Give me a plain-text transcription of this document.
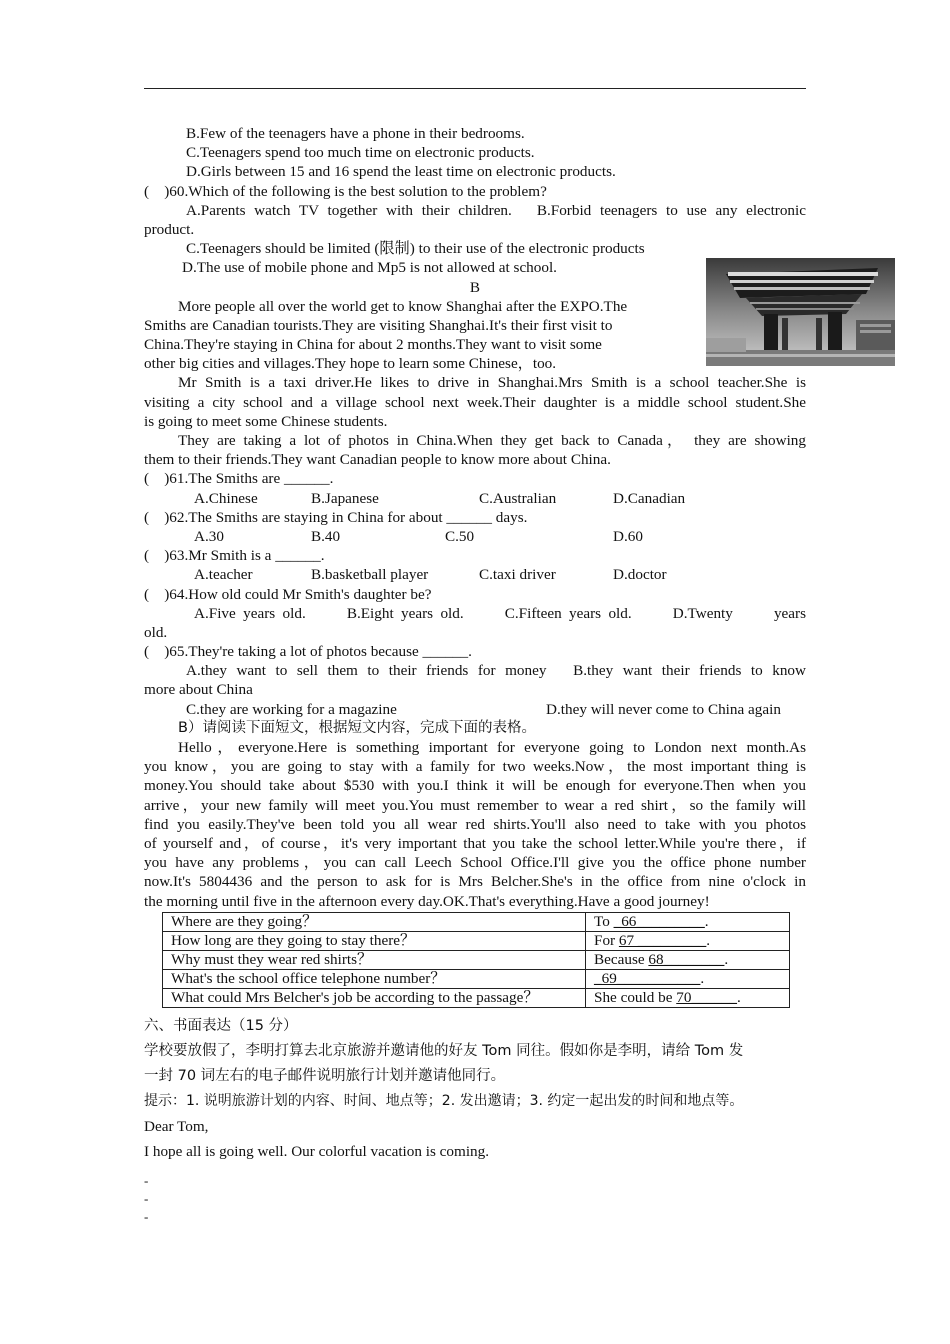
B.Few of the teenagers have a phone in their bedrooms.
C.Teenagers spend too much time on electronic products.
D.Girls between 15 and 16 spend the least time on electronic products.
(　)60.Which of the following is the best solution to the problem?
A.Parents watch TV together with their children.　B.Forbid teenagers to use any electronic
product.
C.Teenagers should be limited (限制) to their use of the electronic products
D.The use of mobile phone and Mp5 is not allowed at school.
B
More people all over the world get to know Shanghai after the EXPO.The
Smiths are Canadian tourists.They are visiting Shanghai.It's their first visit to
China.They're staying in China for about 2 months.They want to visit some
other big cities and villages.They hope to learn some Chinese，too.
Mr Smith is a taxi driver.He likes to drive in Shanghai.Mrs Smith is a school teacher.She is
visiting a city school and a village school next week.Their daughter is a middle school student.She
is going to meet some Chinese students.
They are taking a lot of photos in China.When they get back to Canada， they are showing
them to their friends.They want Canadian people to know more about China.
(　)61.The Smiths are ______.
A.Chinese	B.Japanese	C.Australian	D.Canadian
(　)62.The Smiths are staying in China for about ______ days.
A.30	B.40	C.50	D.60
(　)63.Mr Smith is a ______.
A.teacher	B.basketball player	C.taxi driver	D.doctor
(　)64.How old could Mr Smith's daughter be?
A.Five years old.　　B.Eight years old.　　C.Fifteen years old.　　D.Twenty　　years
old.
(　)65.They're taking a lot of photos because ______.
A.they want to sell them to their friends for money　B.they want their friends to know
more about China
C.they are working for a magazine	D.they will never come to China again
B）请阅读下面短文，根据短文内容，完成下面的表格。
Hello，everyone.Here is something important for everyone going to London next month.As
you know，you are going to stay with a family for two weeks.Now，the most important thing is
money.You should take about $530 with you.I think it will be enough for everyone.Then when you
arrive，your new family will meet you.You must remember to wear a red shirt，so the family will
find you easily.They've been told you all wear red shirts.You'll also need to take with you photos
of yourself and，of course，it's very important that you take the school letter.While you're there，if
you have any problems，you can call Leech School Office.I'll give you the office phone number
now.It's 5804436 and the person to ask for is Mrs Belcher.She's in the office from nine o'clock in
the morning until five in the afternoon every day.OK.That's everything.Have a good journey!
Where are they going？	To _66_________.
How long are they going to stay there？	For 67 _________.
Why must they wear red shirts？	Because 68________.
What's the school office telephone number？	_69___________.
What could Mrs Belcher's job be according to the passage？	She could be 70______.
六、书面表达（15 分）
学校要放假了，李明打算去北京旅游并邀请他的好友 Tom 同往。假如你是李明，请给 Tom 发
一封 70 词左右的电子邮件说明旅行计划并邀请他同行。
提示：1. 说明旅游计划的内容、时间、地点等；2. 发出邀请；3. 约定一起出发的时间和地点等。
Dear Tom,
I hope all is going well. Our colorful vacation is coming.
-
-
-
